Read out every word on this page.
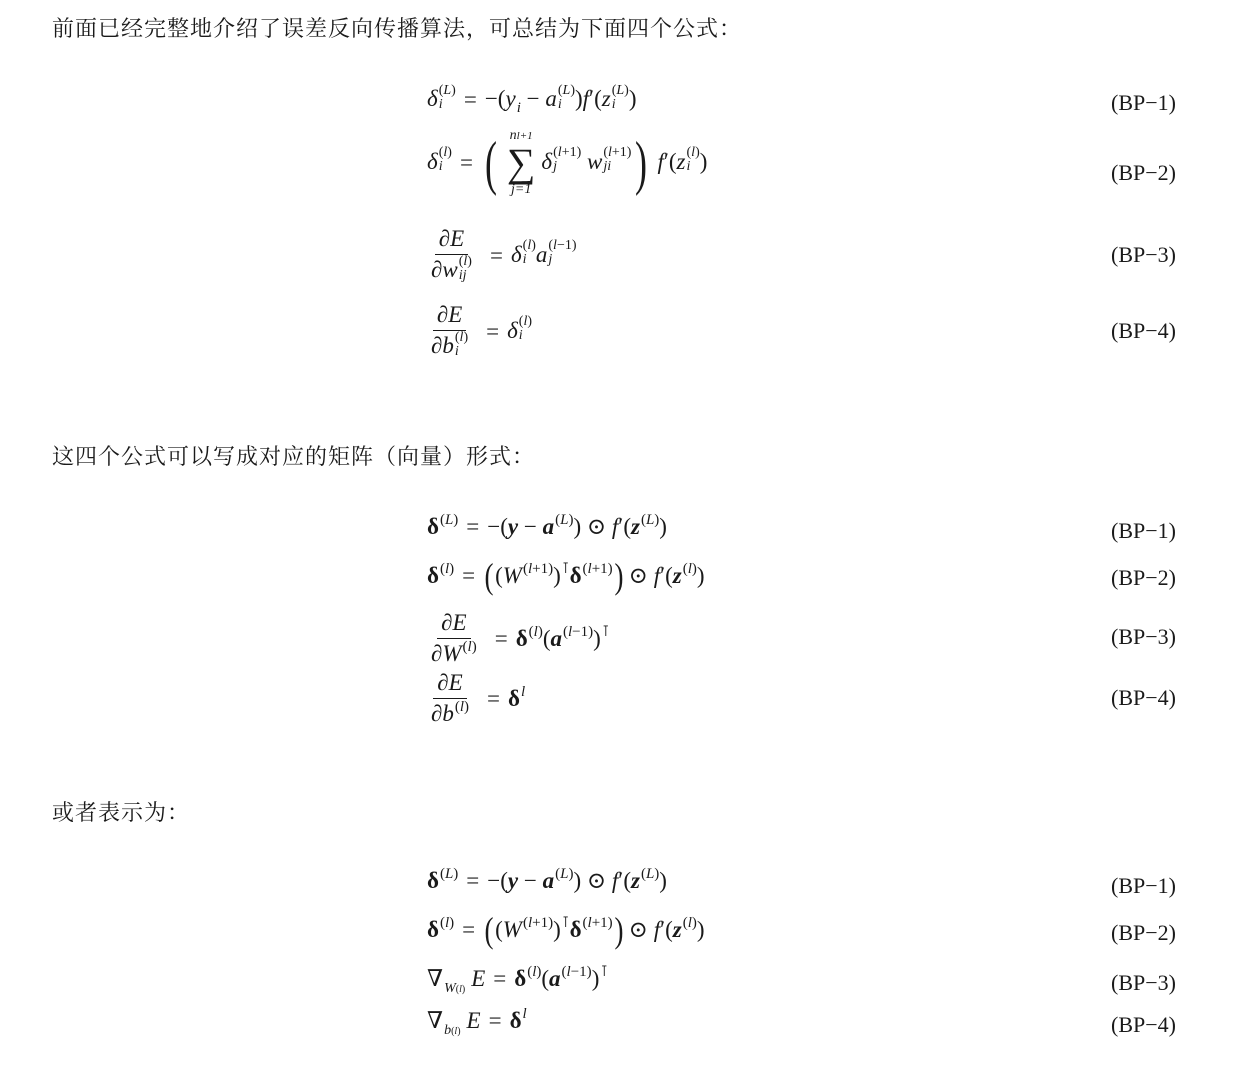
前面已经完整地介绍了误差反向传播算法，可总结为下面四个公式：
δ (L)
$i = -(y_i - a$ (L)
i )f′(z (L)
i )	(BP−1)
δ (l)
i = ( nl+1
∑
j=1
δ (l+1)
j	w (l+1)
ji ) f′(z (l)
i )	(BP−2)
∂E
∂w (l)
ij = δ (l)
i a (l−1)
j	(BP−3)
∂E
∂b (l)
i = δ (l)
i	(BP−4)
这四个公式可以写成对应的矩阵（向量）形式：
$\delta^{(L)} = -(y - a^{(L)})$ ⊙ $f'(z^{(L)})$	(BP−1)
$\delta^{(l)}$ = ( $(W^{(l+1)})^⊺\delta^{(l+1)}$ ) ⊙ $f'(z^{(l)})$	(BP−2)
$\frac{\partial E}{\partial W^{(l)}} = \delta^{(l)}(a^{(l-1)})^⊺$	(BP−3)
$\frac{\partial E}{\partial b^{(l)}} = \delta^l$	(BP−4)
或者表示为：
$\delta^{(L)} = -(y - a^{(L)})$ ⊙ $f'(z^{(L)})$	(BP−1)
$\delta^{(l)}$ = ( $(W^{(l+1)})^⊺\delta^{(l+1)}$ ) ⊙ $f'(z^{(l)})$	(BP−2)
$\nabla_{W(l)}$ $E = \delta^{(l)}(a^{(l-1)})^⊺$	(BP−3)
$\nabla_{b(l)}$ $E = \delta^l$	(BP−4)
